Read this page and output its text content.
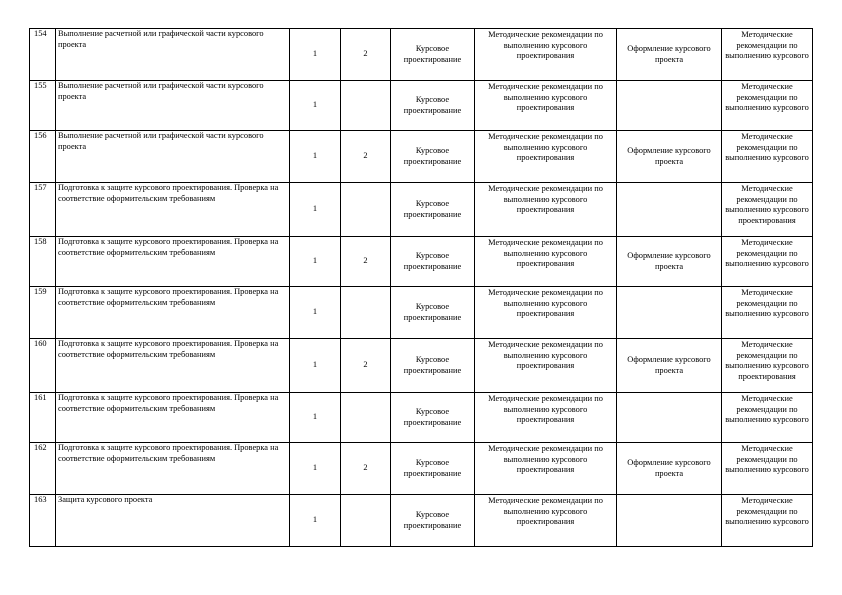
154	Выполнение расчетной или графической части курсового проекта	1	2	Курсовое проектирование	Методические рекомендации по выполнению курсового проектирования	Оформление курсового проекта	Методические рекомендации по выполнению курсового

155	Выполнение расчетной или графической части курсового проекта	1		Курсовое проектирование	Методические рекомендации по выполнению курсового проектирования		Методические рекомендации по выполнению курсового

156	Выполнение расчетной или графической части курсового проекта	1	2	Курсовое проектирование	Методические рекомендации по выполнению курсового проектирования	Оформление курсового проекта	Методические рекомендации по выполнению курсового

157	Подготовка к защите курсового проектирования. Проверка на соответствие оформительским требованиям	1		Курсовое проектирование	Методические рекомендации по выполнению курсового проектирования		Методические рекомендации по выполнению курсового проектирования

158	Подготовка к защите курсового проектирования. Проверка на соответствие оформительским требованиям	1	2	Курсовое проектирование	Методические рекомендации по выполнению курсового проектирования	Оформление курсового проекта	Методические рекомендации по выполнению курсового

159	Подготовка к защите курсового проектирования. Проверка на соответствие оформительским требованиям	1		Курсовое проектирование	Методические рекомендации по выполнению курсового проектирования		Методические рекомендации по выполнению курсового

160	Подготовка к защите курсового проектирования. Проверка на соответствие оформительским требованиям	1	2	Курсовое проектирование	Методические рекомендации по выполнению курсового проектирования	Оформление курсового проекта	Методические рекомендации по выполнению курсового проектирования

161	Подготовка к защите курсового проектирования. Проверка на соответствие оформительским требованиям	1		Курсовое проектирование	Методические рекомендации по выполнению курсового проектирования		Методические рекомендации по выполнению курсового

162	Подготовка к защите курсового проектирования. Проверка на соответствие оформительским требованиям	1	2	Курсовое проектирование	Методические рекомендации по выполнению курсового проектирования	Оформление курсового проекта	Методические рекомендации по выполнению курсового

163	Защита курсового проекта	1		Курсовое проектирование	Методические рекомендации по выполнению курсового проектирования		Методические рекомендации по выполнению курсового
